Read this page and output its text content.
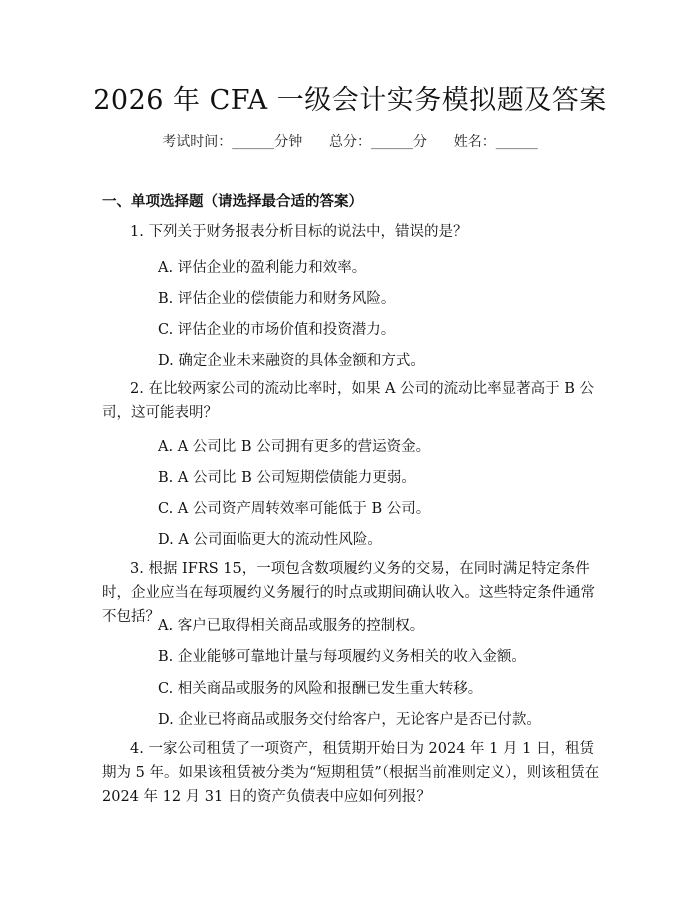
2026 年 CFA 一级会计实务模拟题及答案
考试时间：______分钟      总分：______分      姓名：______
一、单项选择题（请选择最合适的答案）
1. 下列关于财务报表分析目标的说法中，错误的是？
A. 评估企业的盈利能力和效率。
B. 评估企业的偿债能力和财务风险。
C. 评估企业的市场价值和投资潜力。
D. 确定企业未来融资的具体金额和方式。
2. 在比较两家公司的流动比率时，如果 A 公司的流动比率显著高于 B 公司，这可能表明？
A. A 公司比 B 公司拥有更多的营运资金。
B. A 公司比 B 公司短期偿债能力更弱。
C. A 公司资产周转效率可能低于 B 公司。
D. A 公司面临更大的流动性风险。
3. 根据 IFRS 15，一项包含数项履约义务的交易，在同时满足特定条件时，企业应当在每项履约义务履行的时点或期间确认收入。这些特定条件通常不包括？
A. 客户已取得相关商品或服务的控制权。
B. 企业能够可靠地计量与每项履约义务相关的收入金额。
C. 相关商品或服务的风险和报酬已发生重大转移。
D. 企业已将商品或服务交付给客户，无论客户是否已付款。
4. 一家公司租赁了一项资产，租赁期开始日为 2024 年 1 月 1 日，租赁期为 5 年。如果该租赁被分类为“短期租赁”（根据当前准则定义），则该租赁在 2024 年 12 月 31 日的资产负债表中应如何列报？
